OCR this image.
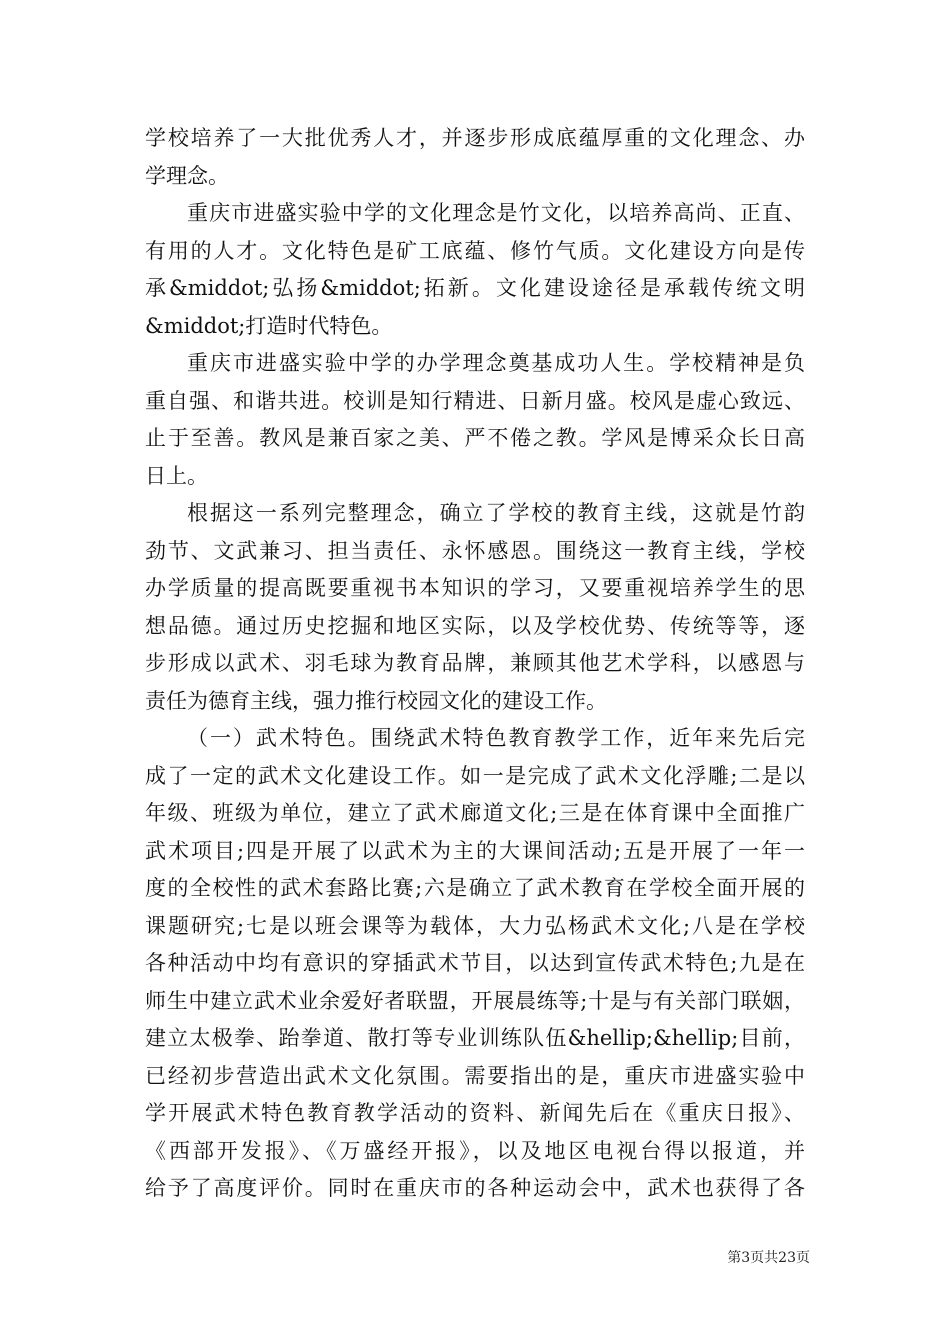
学校培养了一大批优秀人才，并逐步形成底蕴厚重的文化理念、办
学理念。

重庆市进盛实验中学的文化理念是竹文化，以培养高尚、正直、
有用的人才。文化特色是矿工底蕴、修竹气质。文化建设方向是传
承&middot;弘扬&middot;拓新。文化建设途径是承载传统文明
&middot;打造时代特色。

重庆市进盛实验中学的办学理念奠基成功人生。学校精神是负
重自强、和谐共进。校训是知行精进、日新月盛。校风是虚心致远、
止于至善。教风是兼百家之美、严不倦之教。学风是博采众长日高
日上。

根据这一系列完整理念，确立了学校的教育主线，这就是竹韵
劲节、文武兼习、担当责任、永怀感恩。围绕这一教育主线，学校
办学质量的提高既要重视书本知识的学习，又要重视培养学生的思
想品德。通过历史挖掘和地区实际，以及学校优势、传统等等，逐
步形成以武术、羽毛球为教育品牌，兼顾其他艺术学科，以感恩与
责任为德育主线，强力推行校园文化的建设工作。

（一）武术特色。围绕武术特色教育教学工作，近年来先后完
成了一定的武术文化建设工作。如一是完成了武术文化浮雕;二是以
年级、班级为单位，建立了武术廊道文化;三是在体育课中全面推广
武术项目;四是开展了以武术为主的大课间活动;五是开展了一年一
度的全校性的武术套路比赛;六是确立了武术教育在学校全面开展的
课题研究;七是以班会课等为载体，大力弘杨武术文化;八是在学校
各种活动中均有意识的穿插武术节目，以达到宣传武术特色;九是在
师生中建立武术业余爱好者联盟，开展晨练等;十是与有关部门联姻，
建立太极拳、跆拳道、散打等专业训练队伍&hellip;&hellip;目前，
已经初步营造出武术文化氛围。需要指出的是，重庆市进盛实验中
学开展武术特色教育教学活动的资料、新闻先后在《重庆日报》、
《西部开发报》、《万盛经开报》，以及地区电视台得以报道，并
给予了高度评价。同时在重庆市的各种运动会中，武术也获得了各

第3页共23页
